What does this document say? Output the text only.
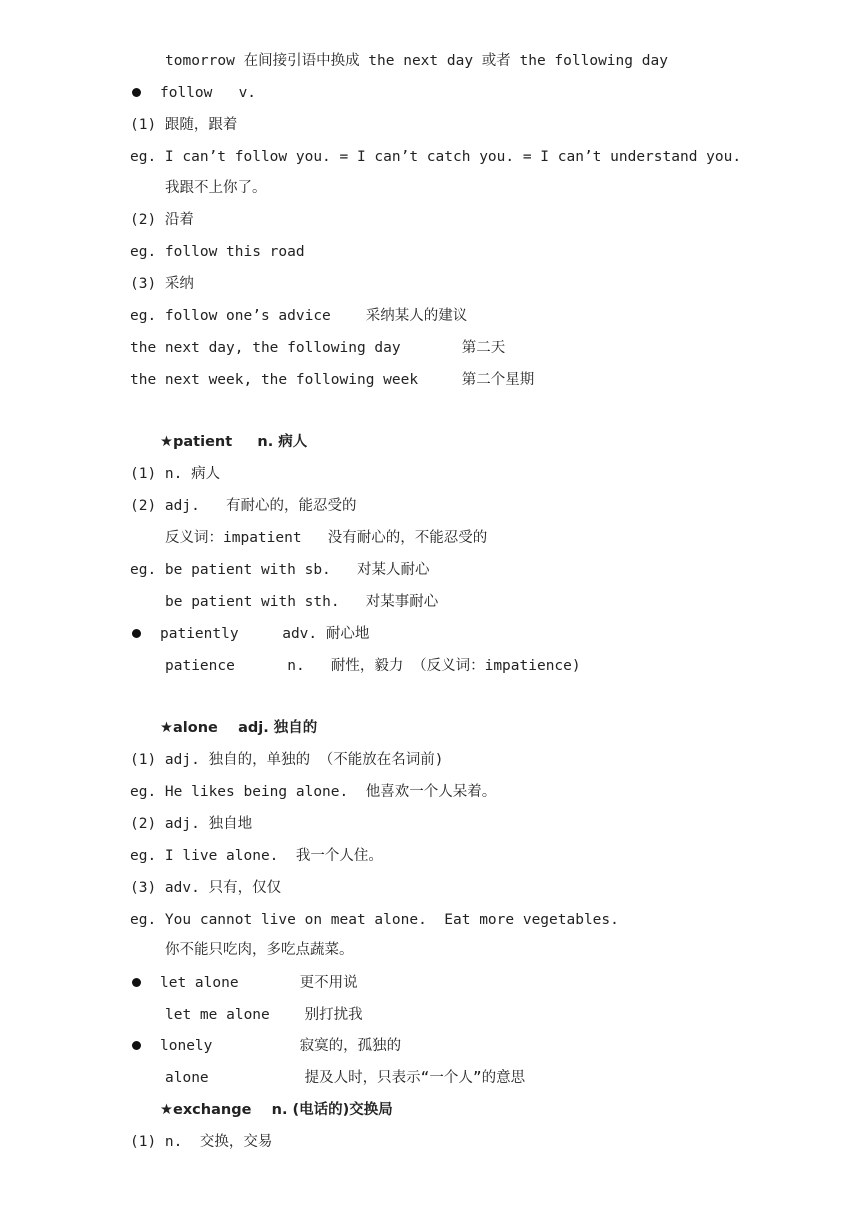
tomorrow 在间接引语中换成 the next day 或者 the following day
follow   v.
(1) 跟随，跟着
eg. I can’t follow you. = I can’t catch you. = I can’t understand you.
我跟不上你了。
(2) 沿着
eg. follow this road
(3) 采纳
eg. follow one’s advice    采纳某人的建议
the next day, the following day       第二天
the next week, the following week     第二个星期
★patient     n. 病人
(1) n. 病人
(2) adj.   有耐心的，能忍受的
反义词：impatient   没有耐心的，不能忍受的
eg. be patient with sb.   对某人耐心
be patient with sth.   对某事耐心
patiently     adv. 耐心地
patience      n.   耐性，毅力 （反义词：impatience)
★alone    adj. 独自的
(1) adj. 独自的，单独的 （不能放在名词前)
eg. He likes being alone.  他喜欢一个人呆着。
(2) adj. 独自地
eg. I live alone.  我一个人住。
(3) adv. 只有，仅仅
eg. You cannot live on meat alone.  Eat more vegetables.
你不能只吃肉，多吃点蔬菜。
let alone       更不用说
let me alone    别打扰我
lonely          寂寞的，孤独的
alone           提及人时，只表示“一个人”的意思
★exchange    n. (电话的)交换局
(1) n.  交换，交易
